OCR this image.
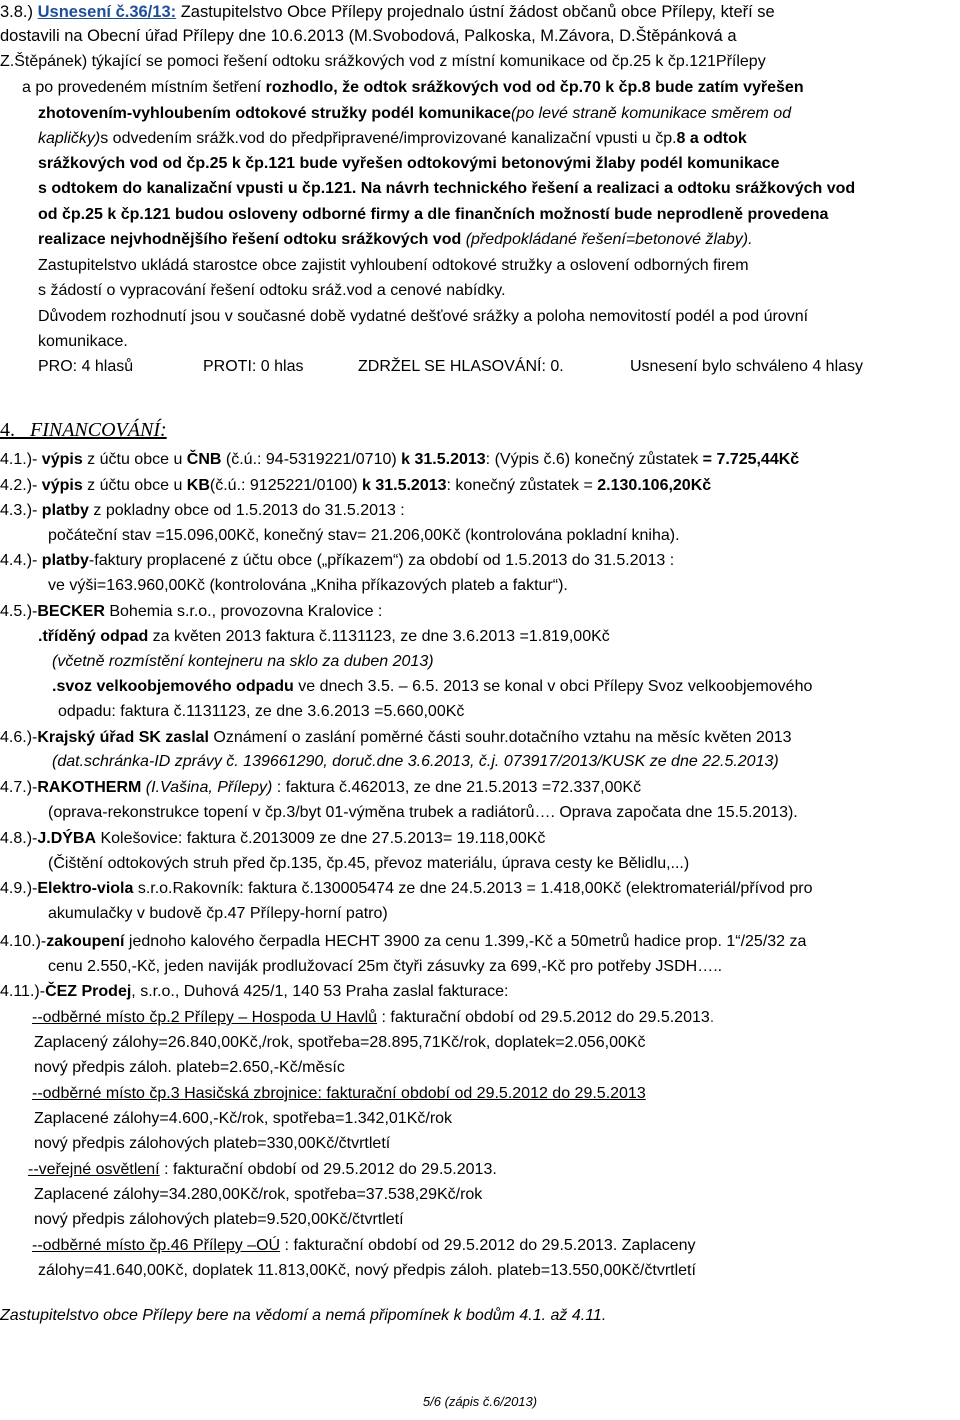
3.8.) Usnesení č.36/13: Zastupitelstvo Obce Přílepy projednalo ústní žádost občanů obce Přílepy, kteří se
dostavili na Obecní úřad Přílepy dne 10.6.2013 (M.Svobodová, Palkoska, M.Závora, D.Štěpánková a
Z.Štěpánek) týkající se pomoci řešení odtoku srážkových vod z místní komunikace od čp.25 k čp.121Přílepy
a po provedeném místním šetření rozhodlo, že odtok srážkových vod od čp.70 k čp.8 bude zatím vyřešen
zhotovením-vyhloubením odtokové stružky podél komunikace(po levé straně komunikace směrem od
kapličky)s odvedením srážk.vod do předpřipravené/improvizované kanalizační vpusti u čp.8 a odtok
srážkových vod od čp.25 k čp.121 bude vyřešen odtokovými betonovými žlaby podél komunikace
s odtokem do kanalizační vpusti u čp.121. Na návrh technického řešení a realizaci a odtoku srážkových vod
od čp.25 k čp.121 budou osloveny odborné firmy a dle finančních možností bude neprodleně provedena
realizace nejvhodnějšího řešení odtoku srážkových vod (předpokládané řešení=betonové žlaby).
Zastupitelstvo ukládá starostce obce zajistit vyhloubení odtokové stružky a oslovení odborných firem
s žádostí o vypracování řešení odtoku sráž.vod a cenové nabídky.
Důvodem rozhodnutí jsou v současné době vydatné dešťové srážky a poloha nemovitostí podél a pod úrovní
komunikace.
PRO: 4 hlasů	PROTI: 0 hlas	ZDRŽEL SE HLASOVÁNÍ: 0.	Usnesení bylo schváleno 4 hlasy
4. FINANCOVÁNÍ:
4.1.)- výpis z účtu obce u ČNB (č.ú.: 94-5319221/0710) k 31.5.2013: (Výpis č.6) konečný zůstatek = 7.725,44Kč
4.2.)- výpis z účtu obce u KB(č.ú.: 9125221/0100) k 31.5.2013: konečný zůstatek = 2.130.106,20Kč
4.3.)- platby z pokladny obce od 1.5.2013 do 31.5.2013 :
počáteční stav =15.096,00Kč, konečný stav= 21.206,00Kč (kontrolována pokladní kniha).
4.4.)- platby-faktury proplacené z účtu obce („příkazem“) za období od 1.5.2013 do 31.5.2013 :
ve výši=163.960,00Kč (kontrolována „Kniha příkazových plateb a faktur“).
4.5.)-BECKER Bohemia s.r.o., provozovna Kralovice :
.tříděný odpad za květen 2013 faktura č.1131123, ze dne 3.6.2013 =1.819,00Kč
(včetně rozmístění kontejneru na sklo za duben 2013)
.svoz velkoobjemového odpadu ve dnech 3.5. – 6.5. 2013 se konal v obci Přílepy Svoz velkoobjemového
odpadu: faktura č.1131123, ze dne 3.6.2013 =5.660,00Kč
4.6.)-Krajský úřad SK zaslal Oznámení o zaslání poměrné části souhr.dotačního vztahu na měsíc květen 2013
(dat.schránka-ID zprávy č. 139661290, doruč.dne 3.6.2013, č.j. 073917/2013/KUSK ze dne 22.5.2013)
4.7.)-RAKOTHERM (I.Vašina, Přílepy) : faktura č.462013, ze dne 21.5.2013 =72.337,00Kč
(oprava-rekonstrukce topení v čp.3/byt 01-výměna trubek a radiátorů…. Oprava započata dne 15.5.2013).
4.8.)-J.DÝBA Kolešovice: faktura č.2013009 ze dne 27.5.2013= 19.118,00Kč
(Čištění odtokových struh před čp.135, čp.45, převoz materiálu, úprava cesty ke Bělidlu,...)
4.9.)-Elektro-viola s.r.o.Rakovník: faktura č.130005474 ze dne 24.5.2013 = 1.418,00Kč (elektromateriál/přívod pro
akumulačky v budově čp.47 Přílepy-horní patro)
4.10.)-zakoupení jednoho kalového čerpadla HECHT 3900 za cenu 1.399,-Kč a 50metrů hadice prop. 1“/25/32 za
cenu 2.550,-Kč, jeden naviják prodlužovací 25m čtyři zásuvky za 699,-Kč pro potřeby JSDH…..
4.11.)-ČEZ Prodej, s.r.o., Duhová 425/1, 140 53 Praha zaslal fakturace:
--odběrné místo čp.2 Přílepy – Hospoda U Havlů : fakturační období od 29.5.2012 do 29.5.2013.
Zaplacený zálohy=26.840,00Kč,/rok, spotřeba=28.895,71Kč/rok, doplatek=2.056,00Kč
nový předpis záloh. plateb=2.650,-Kč/měsíc
--odběrné místo čp.3 Hasičská zbrojnice: fakturační období od 29.5.2012 do 29.5.2013
Zaplacené zálohy=4.600,-Kč/rok, spotřeba=1.342,01Kč/rok
nový předpis zálohových plateb=330,00Kč/čtvrtletí
--veřejné osvětlení : fakturační období od 29.5.2012 do 29.5.2013.
Zaplacené zálohy=34.280,00Kč/rok, spotřeba=37.538,29Kč/rok
nový předpis zálohových plateb=9.520,00Kč/čtvrtletí
--odběrné místo čp.46 Přílepy –OÚ : fakturační období od 29.5.2012 do 29.5.2013. Zaplaceny
zálohy=41.640,00Kč, doplatek 11.813,00Kč, nový předpis záloh. plateb=13.550,00Kč/čtvrtletí
Zastupitelstvo obce Přílepy bere na vědomí a nemá připomínek k bodům 4.1. až 4.11.
5/6 (zápis č.6/2013)
